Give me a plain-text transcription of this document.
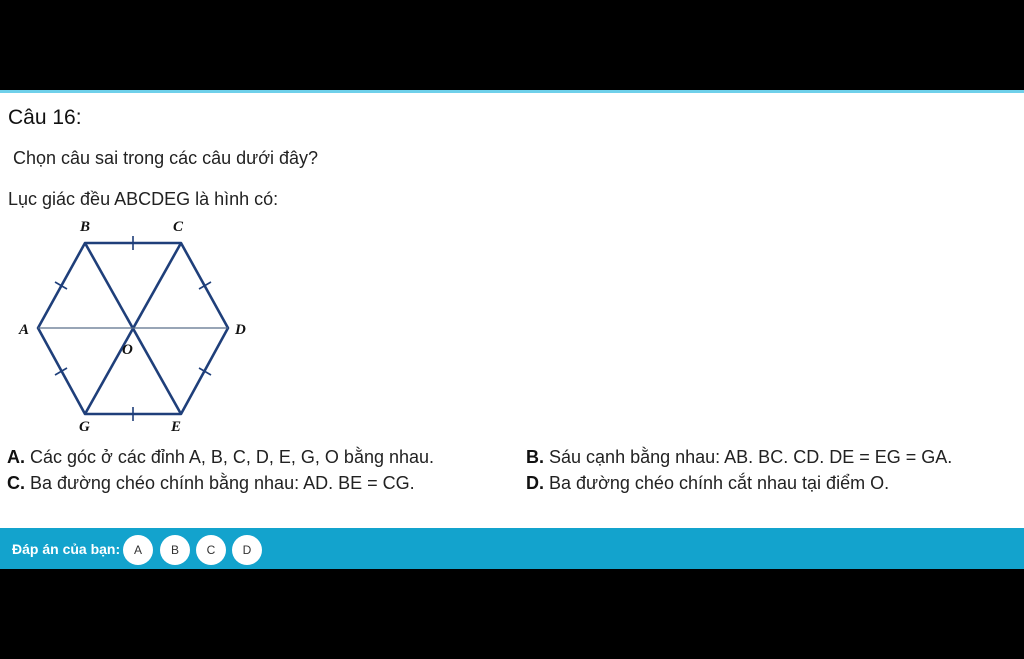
Câu 16:
Chọn câu sai trong các câu dưới đây?
Lục giác đều ABCDEG là hình có:
B	C
A	D
O
G	E
A. Các góc ở các đỉnh A, B, C, D, E, G, O bằng nhau.	B. Sáu cạnh bằng nhau: AB. BC. CD. DE = EG = GA.
C. Ba đường chéo chính bằng nhau: AD. BE = CG.	D. Ba đường chéo chính cắt nhau tại điểm O.
Đáp án của bạn:	A	B	C	D
